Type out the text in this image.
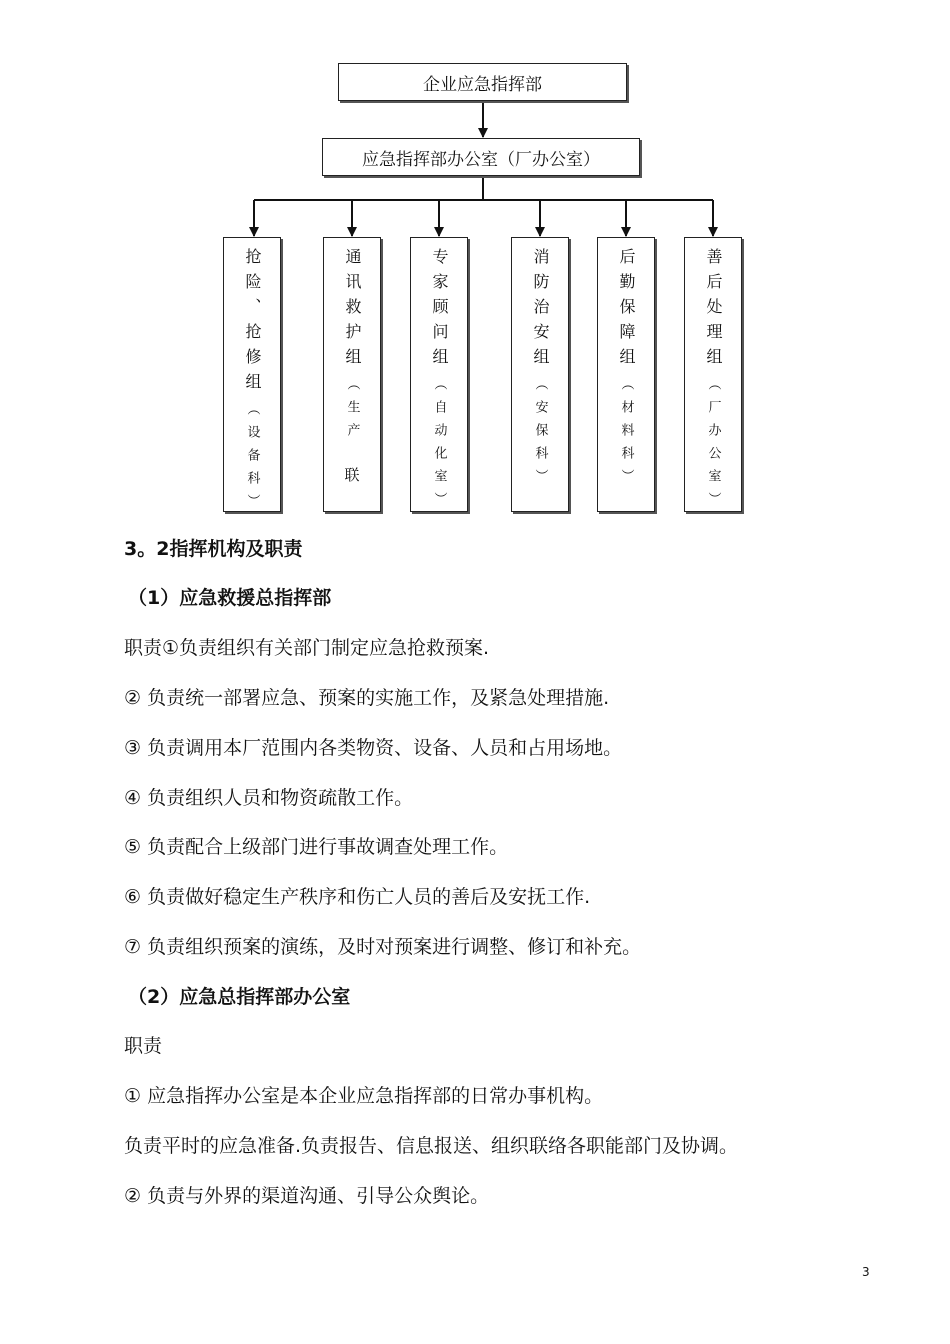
企业应急指挥部
应急指挥部办公室（厂办公室）
抢险、抢修组
（设备科）
通讯救护组
（生产
联
专家顾问组
（自动化室）
消防治安组
（安保科）
后勤保障组
（材料科）
善后处理组
（厂办公室）
3。2指挥机构及职责
（1）应急救援总指挥部
职责①负责组织有关部门制定应急抢救预案.
② 负责统一部署应急、预案的实施工作，及紧急处理措施.
③ 负责调用本厂范围内各类物资、设备、人员和占用场地。
④ 负责组织人员和物资疏散工作。
⑤ 负责配合上级部门进行事故调查处理工作。
⑥ 负责做好稳定生产秩序和伤亡人员的善后及安抚工作.
⑦ 负责组织预案的演练，及时对预案进行调整、修订和补充。
（2）应急总指挥部办公室
职责
① 应急指挥办公室是本企业应急指挥部的日常办事机构。
负责平时的应急准备.负责报告、信息报送、组织联络各职能部门及协调。
② 负责与外界的渠道沟通、引导公众舆论。
3
